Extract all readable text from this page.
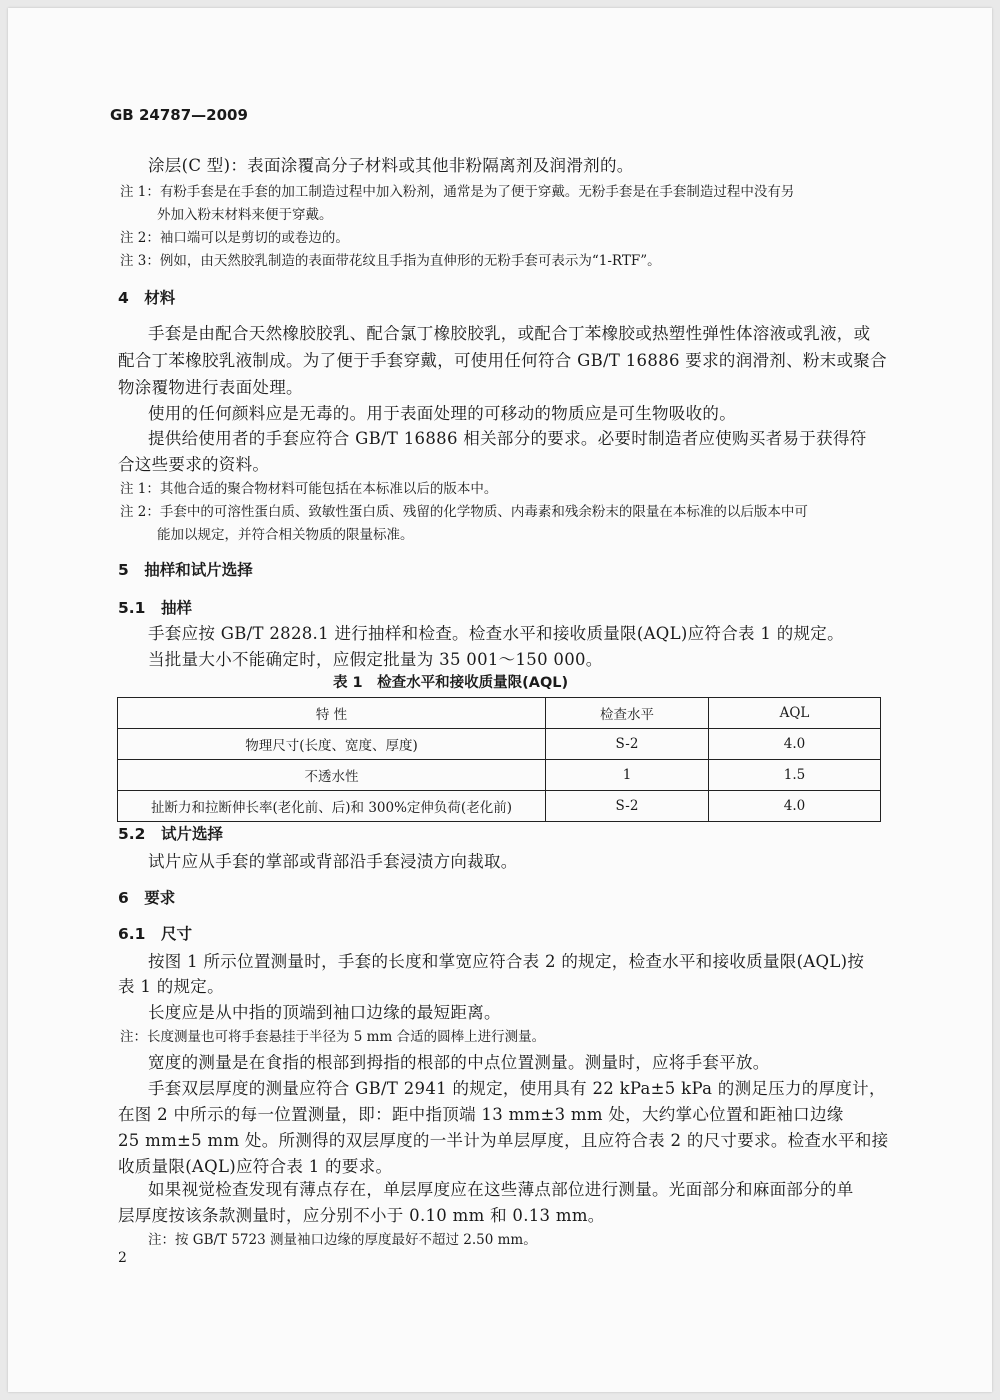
GB 24787—2009
涂层(C 型)：表面涂覆高分子材料或其他非粉隔离剂及润滑剂的。
注 1：有粉手套是在手套的加工制造过程中加入粉剂，通常是为了便于穿戴。无粉手套是在手套制造过程中没有另
外加入粉末材料来便于穿戴。
注 2：袖口端可以是剪切的或卷边的。
注 3：例如，由天然胶乳制造的表面带花纹且手指为直伸形的无粉手套可表示为“1-RTF”。
4　材料
手套是由配合天然橡胶胶乳、配合氯丁橡胶胶乳，或配合丁苯橡胶或热塑性弹性体溶液或乳液，或
配合丁苯橡胶乳液制成。为了便于手套穿戴，可使用任何符合 GB/T 16886 要求的润滑剂、粉末或聚合
物涂覆物进行表面处理。
使用的任何颜料应是无毒的。用于表面处理的可移动的物质应是可生物吸收的。
提供给使用者的手套应符合 GB/T 16886 相关部分的要求。必要时制造者应使购买者易于获得符
合这些要求的资料。
注 1：其他合适的聚合物材料可能包括在本标准以后的版本中。
注 2：手套中的可溶性蛋白质、致敏性蛋白质、残留的化学物质、内毒素和残余粉末的限量在本标准的以后版本中可
能加以规定，并符合相关物质的限量标准。
5　抽样和试片选择
5.1　抽样
手套应按 GB/T 2828.1 进行抽样和检查。检查水平和接收质量限(AQL)应符合表 1 的规定。
当批量大小不能确定时，应假定批量为 35 001～150 000。
表 1　检查水平和接收质量限(AQL)
特 性	检查水平	AQL
物理尺寸(长度、宽度、厚度)	S-2	4.0
不透水性	1	1.5
扯断力和拉断伸长率(老化前、后)和 300%定伸负荷(老化前)	S-2	4.0
5.2　试片选择
试片应从手套的掌部或背部沿手套浸渍方向裁取。
6　要求
6.1　尺寸
按图 1 所示位置测量时，手套的长度和掌宽应符合表 2 的规定，检查水平和接收质量限(AQL)按
表 1 的规定。
长度应是从中指的顶端到袖口边缘的最短距离。
注：长度测量也可将手套悬挂于半径为 5 mm 合适的圆棒上进行测量。
宽度的测量是在食指的根部到拇指的根部的中点位置测量。测量时，应将手套平放。
手套双层厚度的测量应符合 GB/T 2941 的规定，使用具有 22 kPa±5 kPa 的测足压力的厚度计，
在图 2 中所示的每一位置测量，即：距中指顶端 13 mm±3 mm 处，大约掌心位置和距袖口边缘
25 mm±5 mm 处。所测得的双层厚度的一半计为单层厚度，且应符合表 2 的尺寸要求。检查水平和接
收质量限(AQL)应符合表 1 的要求。
如果视觉检查发现有薄点存在，单层厚度应在这些薄点部位进行测量。光面部分和麻面部分的单
层厚度按该条款测量时，应分别不小于 0.10 mm 和 0.13 mm。
注：按 GB/T 5723 测量袖口边缘的厚度最好不超过 2.50 mm。
2
